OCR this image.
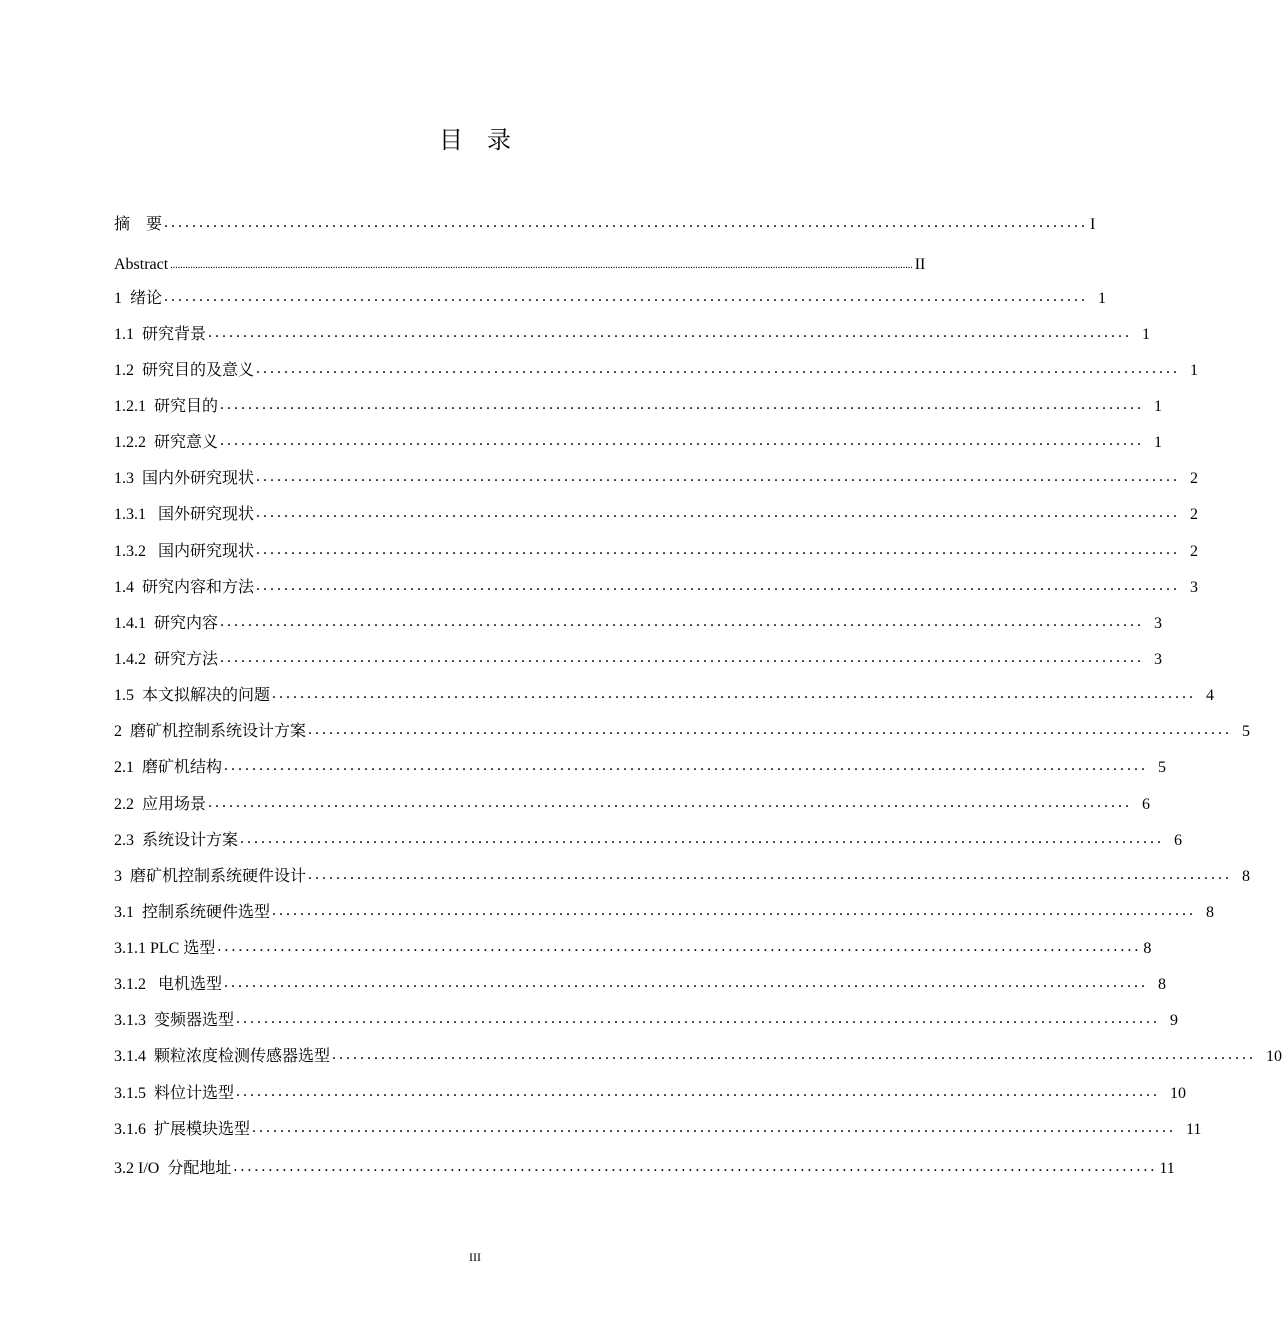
目　录
摘　要 .................................................................................................................................... I
Abstract ......................................................................................................................................................................................................................................................................................................... II
1  绪论 .................................................................................................................................... 1
1.1  研究背景 .................................................................................................................................... 1
1.2  研究目的及意义 .................................................................................................................................... 1
1.2.1  研究目的 .................................................................................................................................... 1
1.2.2  研究意义 .................................................................................................................................... 1
1.3  国内外研究现状 .................................................................................................................................... 2
1.3.1   国外研究现状 .................................................................................................................................... 2
1.3.2   国内研究现状 .................................................................................................................................... 2
1.4  研究内容和方法 .................................................................................................................................... 3
1.4.1  研究内容 .................................................................................................................................... 3
1.4.2  研究方法 .................................................................................................................................... 3
1.5  本文拟解决的问题 .................................................................................................................................... 4
2  磨矿机控制系统设计方案 .................................................................................................................................... 5
2.1  磨矿机结构 .................................................................................................................................... 5
2.2  应用场景 .................................................................................................................................... 6
2.3  系统设计方案 .................................................................................................................................... 6
3  磨矿机控制系统硬件设计 .................................................................................................................................... 8
3.1  控制系统硬件选型 .................................................................................................................................... 8
3.1.1 PLC 选型 .................................................................................................................................... 8
3.1.2   电机选型 .................................................................................................................................... 8
3.1.3  变频器选型 .................................................................................................................................... 9
3.1.4  颗粒浓度检测传感器选型 .................................................................................................................................... 10
3.1.5  料位计选型 .................................................................................................................................... 10
3.1.6  扩展模块选型 .................................................................................................................................... 11
3.2 I/O  分配地址 .................................................................................................................................... 11
III
